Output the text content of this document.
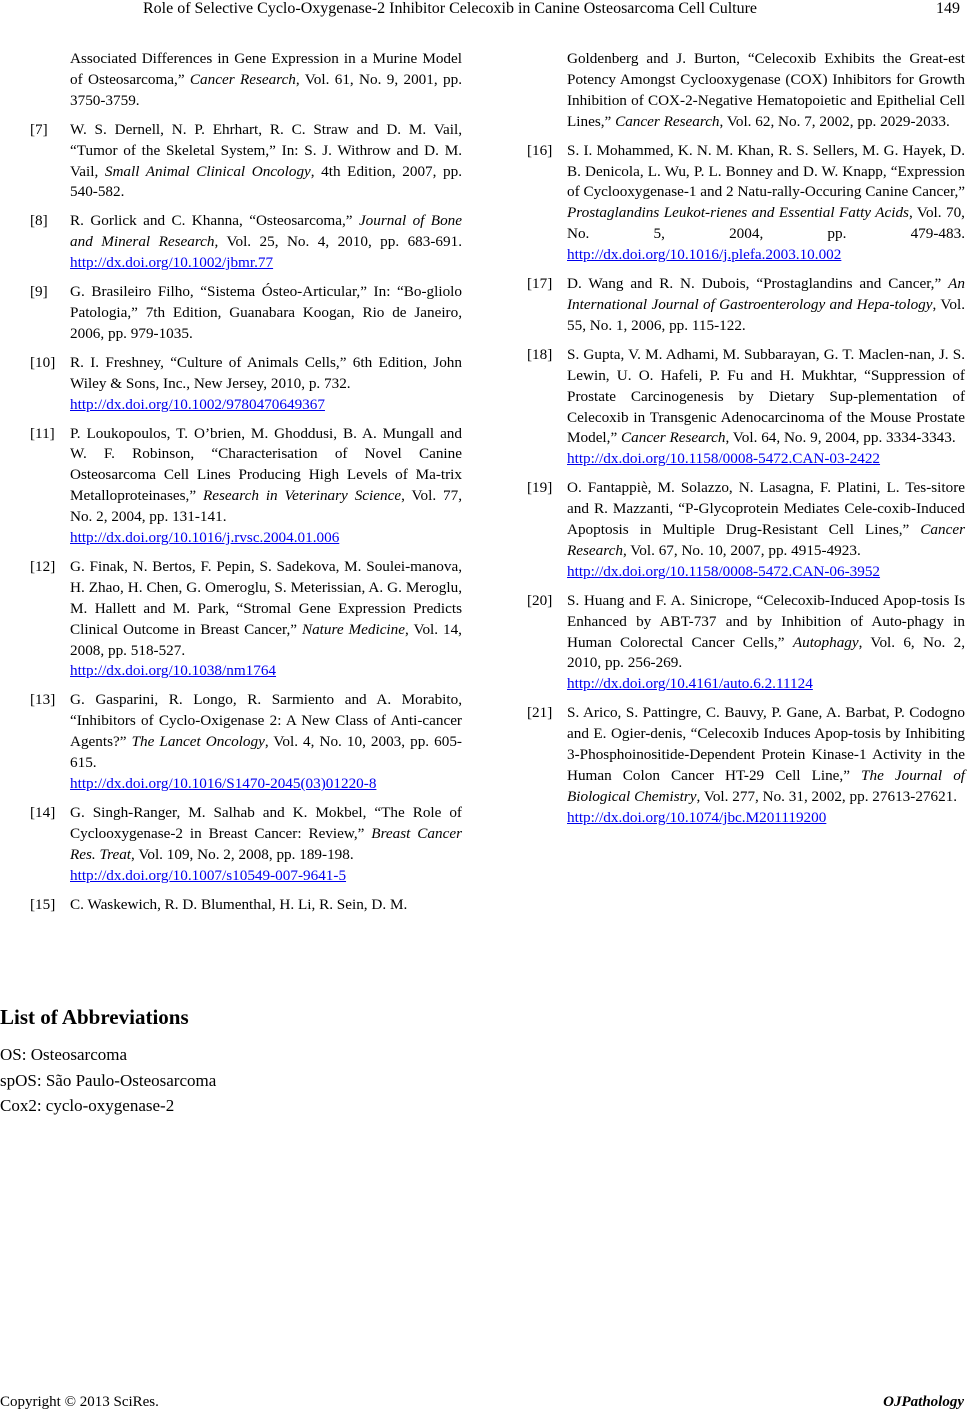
Role of Selective Cyclo-Oxygenase-2 Inhibitor Celecoxib in Canine Osteosarcoma Cell Culture	149
Associated Differences in Gene Expression in a Murine Model of Osteosarcoma,” Cancer Research, Vol. 61, No. 9, 2001, pp. 3750-3759.
[7] W. S. Dernell, N. P. Ehrhart, R. C. Straw and D. M. Vail, “Tumor of the Skeletal System,” In: S. J. Withrow and D. M. Vail, Small Animal Clinical Oncology, 4th Edition, 2007, pp. 540-582.
[8] R. Gorlick and C. Khanna, “Osteosarcoma,” Journal of Bone and Mineral Research, Vol. 25, No. 4, 2010, pp. 683-691. http://dx.doi.org/10.1002/jbmr.77
[9] G. Brasileiro Filho, “Sistema Ósteo-Articular,” In: “Bo-gliolo Patologia,” 7th Edition, Guanabara Koogan, Rio de Janeiro, 2006, pp. 979-1035.
[10] R. I. Freshney, “Culture of Animals Cells,” 6th Edition, John Wiley & Sons, Inc., New Jersey, 2010, p. 732.
http://dx.doi.org/10.1002/9780470649367
[11] P. Loukopoulos, T. O’brien, M. Ghoddusi, B. A. Mungall and W. F. Robinson, “Characterisation of Novel Canine Osteosarcoma Cell Lines Producing High Levels of Ma-trix Metalloproteinases,” Research in Veterinary Science, Vol. 77, No. 2, 2004, pp. 131-141.
http://dx.doi.org/10.1016/j.rvsc.2004.01.006
[12] G. Finak, N. Bertos, F. Pepin, S. Sadekova, M. Soulei-manova, H. Zhao, H. Chen, G. Omeroglu, S. Meterissian, A. G. Meroglu, M. Hallett and M. Park, “Stromal Gene Expression Predicts Clinical Outcome in Breast Cancer,” Nature Medicine, Vol. 14, 2008, pp. 518-527.
http://dx.doi.org/10.1038/nm1764
[13] G. Gasparini, R. Longo, R. Sarmiento and A. Morabito, “Inhibitors of Cyclo-Oxigenase 2: A New Class of Anti-cancer Agents?” The Lancet Oncology, Vol. 4, No. 10, 2003, pp. 605-615.
http://dx.doi.org/10.1016/S1470-2045(03)01220-8
[14] G. Singh-Ranger, M. Salhab and K. Mokbel, “The Role of Cyclooxygenase-2 in Breast Cancer: Review,” Breast Cancer Res. Treat, Vol. 109, No. 2, 2008, pp. 189-198.
http://dx.doi.org/10.1007/s10549-007-9641-5
[15] C. Waskewich, R. D. Blumenthal, H. Li, R. Sein, D. M.
Goldenberg and J. Burton, “Celecoxib Exhibits the Great-est Potency Amongst Cyclooxygenase (COX) Inhibitors for Growth Inhibition of COX-2-Negative Hematopoietic and Epithelial Cell Lines,” Cancer Research, Vol. 62, No. 7, 2002, pp. 2029-2033.
[16] S. I. Mohammed, K. N. M. Khan, R. S. Sellers, M. G. Hayek, D. B. Denicola, L. Wu, P. L. Bonney and D. W. Knapp, “Expression of Cyclooxygenase-1 and 2 Natu-rally-Occuring Canine Cancer,” Prostaglandins Leukot-rienes and Essential Fatty Acids, Vol. 70, No. 5, 2004, pp. 479-483. http://dx.doi.org/10.1016/j.plefa.2003.10.002
[17] D. Wang and R. N. Dubois, “Prostaglandins and Cancer,” An International Journal of Gastroenterology and Hepa-tology, Vol. 55, No. 1, 2006, pp. 115-122.
[18] S. Gupta, V. M. Adhami, M. Subbarayan, G. T. Maclen-nan, J. S. Lewin, U. O. Hafeli, P. Fu and H. Mukhtar, “Suppression of Prostate Carcinogenesis by Dietary Sup-plementation of Celecoxib in Transgenic Adenocarcinoma of the Mouse Prostate Model,” Cancer Research, Vol. 64, No. 9, 2004, pp. 3334-3343.
http://dx.doi.org/10.1158/0008-5472.CAN-03-2422
[19] O. Fantappiè, M. Solazzo, N. Lasagna, F. Platini, L. Tes-sitore and R. Mazzanti, “P-Glycoprotein Mediates Cele-coxib-Induced Apoptosis in Multiple Drug-Resistant Cell Lines,” Cancer Research, Vol. 67, No. 10, 2007, pp. 4915-4923.
http://dx.doi.org/10.1158/0008-5472.CAN-06-3952
[20] S. Huang and F. A. Sinicrope, “Celecoxib-Induced Apop-tosis Is Enhanced by ABT-737 and by Inhibition of Auto-phagy in Human Colorectal Cancer Cells,” Autophagy, Vol. 6, No. 2, 2010, pp. 256-269.
http://dx.doi.org/10.4161/auto.6.2.11124
[21] S. Arico, S. Pattingre, C. Bauvy, P. Gane, A. Barbat, P. Codogno and E. Ogier-denis, “Celecoxib Induces Apop-tosis by Inhibiting 3-Phosphoinositide-Dependent Protein Kinase-1 Activity in the Human Colon Cancer HT-29 Cell Line,” The Journal of Biological Chemistry, Vol. 277, No. 31, 2002, pp. 27613-27621.
http://dx.doi.org/10.1074/jbc.M201119200
List of Abbreviations
OS: Osteosarcoma
spOS: São Paulo-Osteosarcoma
Cox2: cyclo-oxygenase-2
Copyright © 2013 SciRes.	OJPathology
